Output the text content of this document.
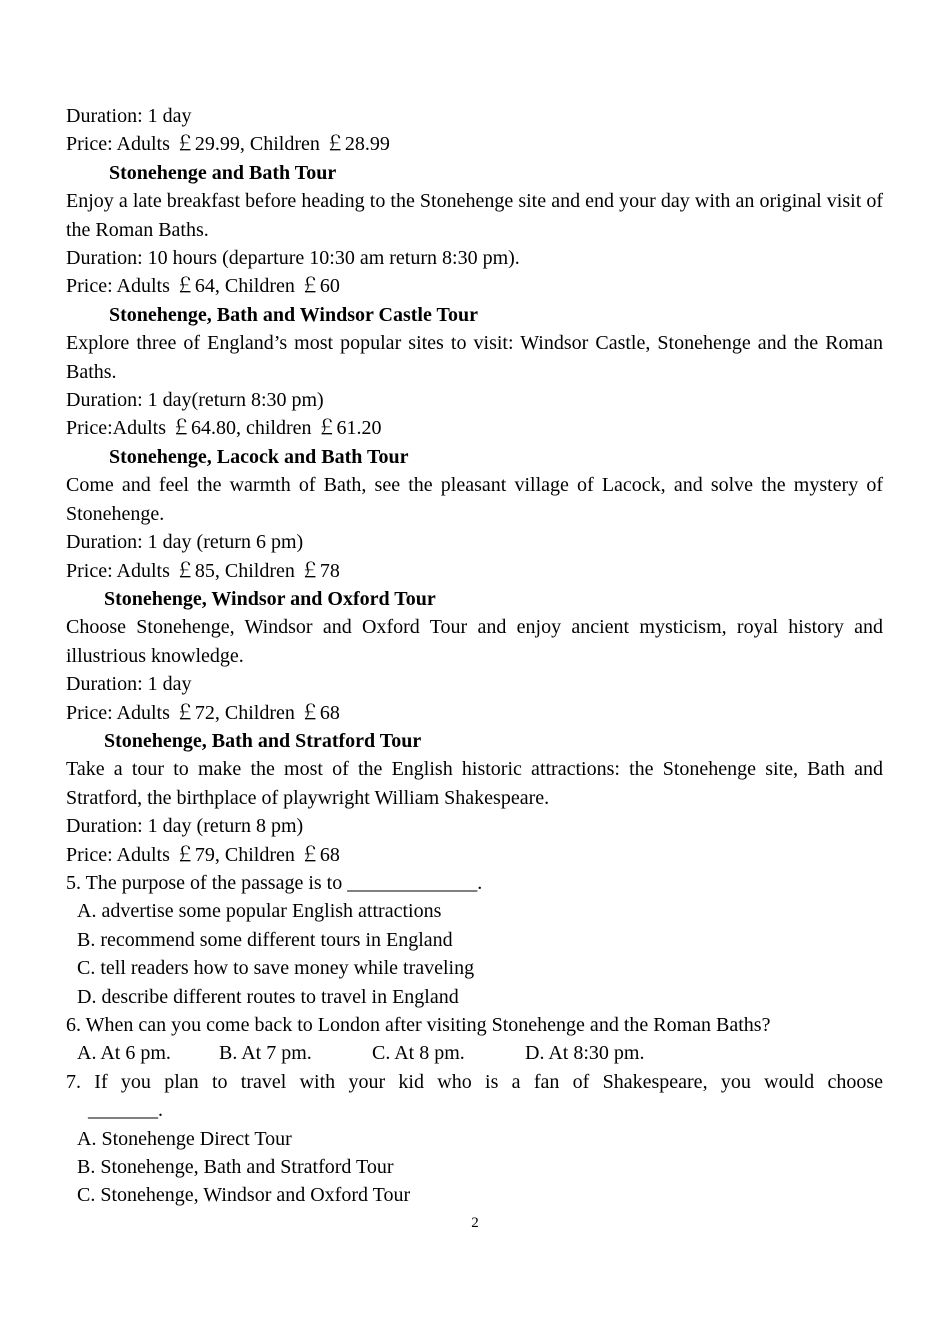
Duration: 1 day
Price: Adults ￡29.99, Children ￡28.99
Stonehenge and Bath Tour
Enjoy a late breakfast before heading to the Stonehenge site and end your day with an original visit of the Roman Baths.
Duration: 10 hours (departure 10:30 am return 8:30 pm).
Price: Adults ￡64, Children ￡60
Stonehenge, Bath and Windsor Castle Tour
Explore three of England’s most popular sites to visit: Windsor Castle, Stonehenge and the Roman Baths.
Duration: 1 day(return 8:30 pm)
Price:Adults ￡64.80, children ￡61.20
Stonehenge, Lacock and Bath Tour
Come and feel the warmth of Bath, see the pleasant village of Lacock, and solve the mystery of Stonehenge.
Duration: 1 day (return 6 pm)
Price: Adults ￡85, Children ￡78
Stonehenge, Windsor and Oxford Tour
Choose Stonehenge, Windsor and Oxford Tour and enjoy ancient mysticism, royal history and illustrious knowledge.
Duration: 1 day
Price: Adults ￡72, Children ￡68
Stonehenge, Bath and Stratford Tour
Take a tour to make the most of the English historic attractions: the Stonehenge site, Bath and Stratford, the birthplace of playwright William Shakespeare.
Duration: 1 day (return 8 pm)
Price: Adults ￡79, Children ￡68
5. The purpose of the passage is to _____________.
A. advertise some popular English attractions
B. recommend some different tours in England
C. tell readers how to save money while traveling
D. describe different routes to travel in England
6. When can you come back to London after visiting Stonehenge and the Roman Baths?
A. At 6 pm.	B. At 7 pm.	C. At 8 pm.	D. At 8:30 pm.
7. If you plan to travel with your kid who is a fan of Shakespeare, you would choose
_______.
A. Stonehenge Direct Tour
B. Stonehenge, Bath and Stratford Tour
C. Stonehenge, Windsor and Oxford Tour
2
